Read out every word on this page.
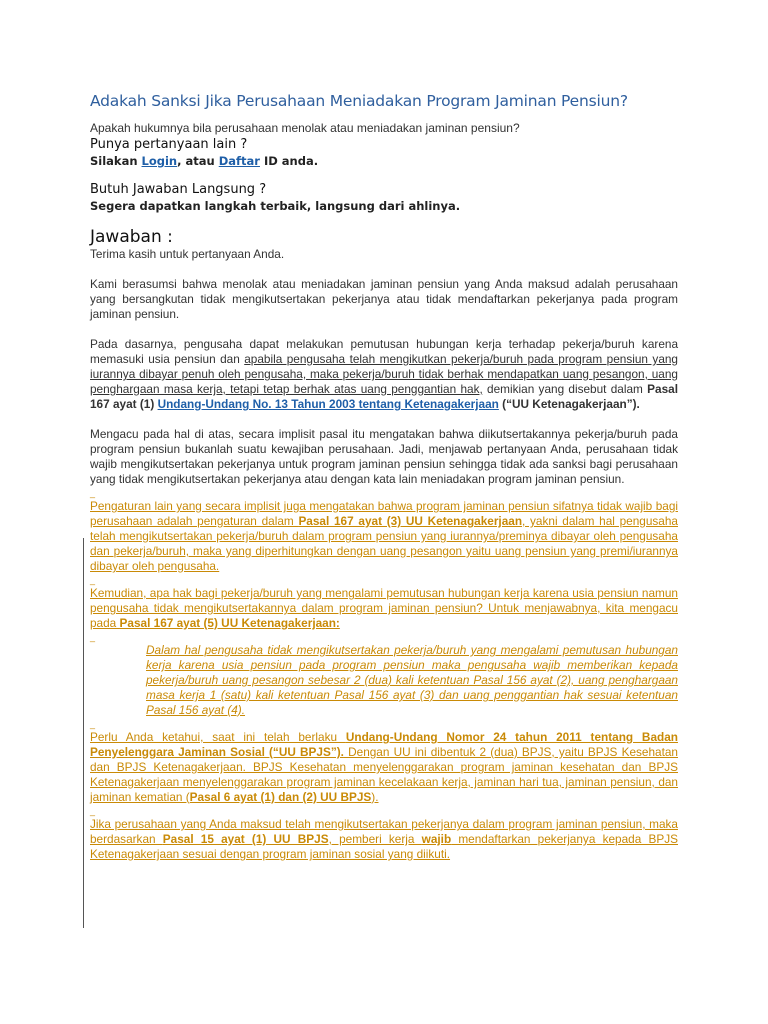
Adakah Sanksi Jika Perusahaan Meniadakan Program Jaminan Pensiun?
Apakah hukumnya bila perusahaan menolak atau meniadakan jaminan pensiun?
Punya pertanyaan lain ?
Silakan Login, atau Daftar ID anda.
Butuh Jawaban Langsung ?
Segera dapatkan langkah terbaik, langsung dari ahlinya.
Jawaban :

Terima kasih untuk pertanyaan Anda.

Kami berasumsi bahwa menolak atau meniadakan jaminan pensiun yang Anda maksud adalah perusahaan yang bersangkutan tidak mengikutsertakan pekerjanya atau tidak mendaftarkan pekerjanya pada program jaminan pensiun.

Pada dasarnya, pengusaha dapat melakukan pemutusan hubungan kerja terhadap pekerja/buruh karena memasuki usia pensiun dan apabila pengusaha telah mengikutkan pekerja/buruh pada program pensiun yang iurannya dibayar penuh oleh pengusaha, maka pekerja/buruh tidak berhak mendapatkan uang pesangon, uang penghargaan masa kerja, tetapi tetap berhak atas uang penggantian hak, demikian yang disebut dalam Pasal 167 ayat (1) Undang-Undang No. 13 Tahun 2003 tentang Ketenagakerjaan (“UU Ketenagakerjaan”).

Mengacu pada hal di atas, secara implisit pasal itu mengatakan bahwa diikutsertakannya pekerja/buruh pada program pensiun bukanlah suatu kewajiban perusahaan. Jadi, menjawab pertanyaan Anda, perusahaan tidak wajib mengikutsertakan pekerjanya untuk program jaminan pensiun sehingga tidak ada sanksi bagi perusahaan yang tidak mengikutsertakan pekerjanya atau dengan kata lain meniadakan program jaminan pensiun.

_

Pengaturan lain yang secara implisit juga mengatakan bahwa program jaminan pensiun sifatnya tidak wajib bagi perusahaan adalah pengaturan dalam Pasal 167 ayat (3) UU Ketenagakerjaan, yakni dalam hal pengusaha telah mengikutsertakan pekerja/buruh dalam program pensiun yang iurannya/preminya dibayar oleh pengusaha dan pekerja/buruh, maka yang diperhitungkan dengan uang pesangon yaitu uang pensiun yang premi/iurannya dibayar oleh pengusaha.

_

Kemudian, apa hak bagi pekerja/buruh yang mengalami pemutusan hubungan kerja karena usia pensiun namun pengusaha tidak mengikutsertakannya dalam program jaminan pensiun? Untuk menjawabnya, kita mengacu pada Pasal 167 ayat (5) UU Ketenagakerjaan:

_

Dalam hal pengusaha tidak mengikutsertakan pekerja/buruh yang mengalami pemutusan hubungan kerja karena usia pensiun pada program pensiun maka pengusaha wajib memberikan kepada pekerja/buruh uang pesangon sebesar 2 (dua) kali ketentuan Pasal 156 ayat (2), uang penghargaan masa kerja 1 (satu) kali ketentuan Pasal 156 ayat (3) dan uang penggantian hak sesuai ketentuan Pasal 156 ayat (4).

_

Perlu Anda ketahui, saat ini telah berlaku Undang-Undang Nomor 24 tahun 2011 tentang Badan Penyelenggara Jaminan Sosial (“UU BPJS”). Dengan UU ini dibentuk 2 (dua) BPJS, yaitu BPJS Kesehatan dan BPJS Ketenagakerjaan. BPJS Kesehatan menyelenggarakan program jaminan kesehatan dan BPJS Ketenagakerjaan menyelenggarakan program jaminan kecelakaan kerja, jaminan hari tua, jaminan pensiun, dan jaminan kematian (Pasal 6 ayat (1) dan (2) UU BPJS).

_

Jika perusahaan yang Anda maksud telah mengikutsertakan pekerjanya dalam program jaminan pensiun, maka berdasarkan Pasal 15 ayat (1) UU BPJS, pemberi kerja wajib mendaftarkan pekerjanya kepada BPJS Ketenagakerjaan sesuai dengan program jaminan sosial yang diikuti.
